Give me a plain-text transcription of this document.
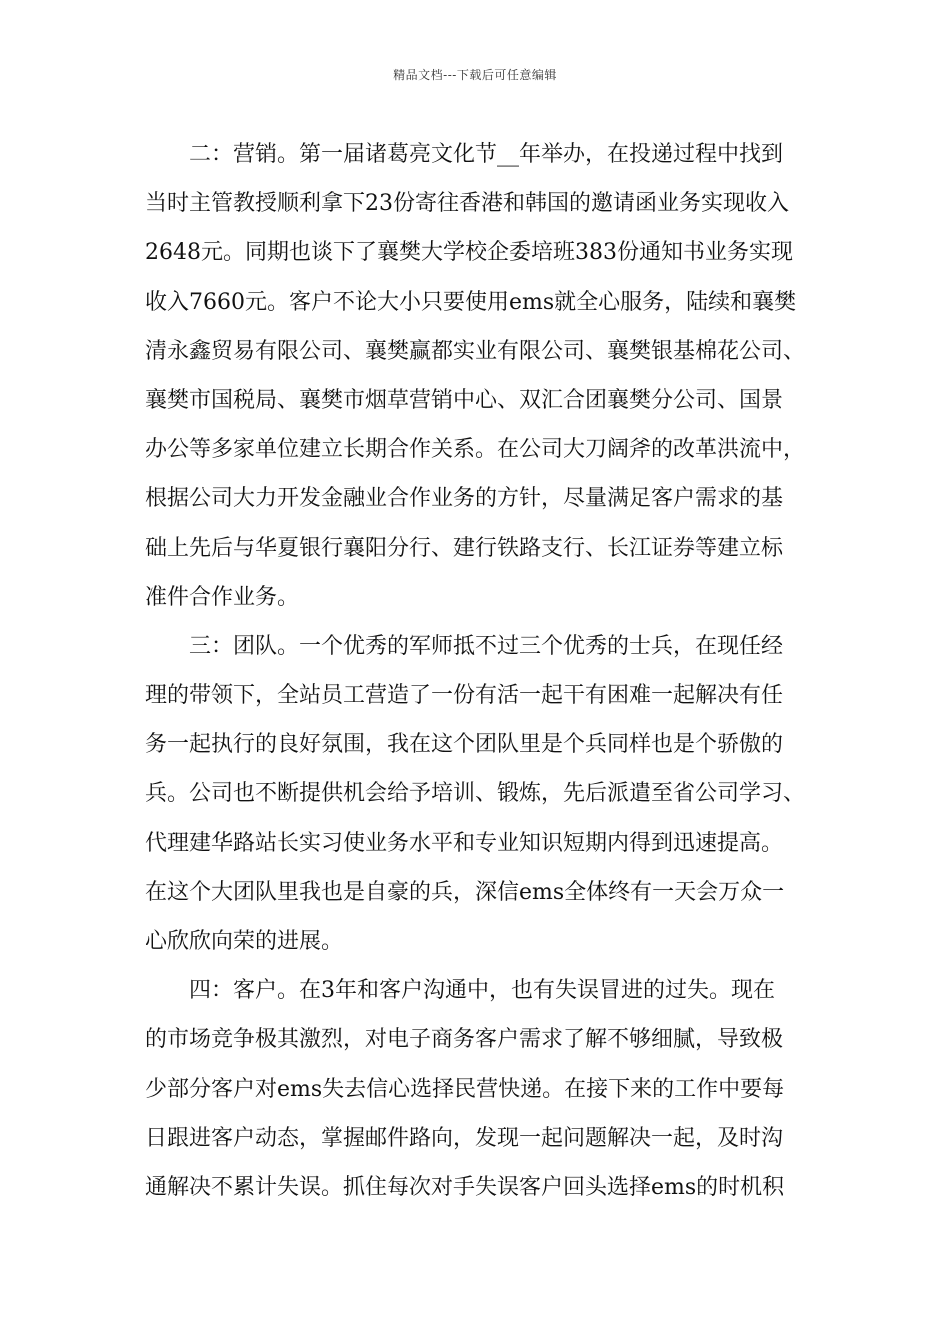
精品文档---下载后可任意编辑
二：营销。第一届诸葛亮文化节__年举办，在投递过程中找到
当时主管教授顺利拿下23份寄往香港和韩国的邀请函业务实现收入
2648元。同期也谈下了襄樊大学校企委培班383份通知书业务实现
收入7660元。客户不论大小只要使用ems就全心服务，陆续和襄樊
清永鑫贸易有限公司、襄樊赢都实业有限公司、襄樊银基棉花公司、
襄樊市国税局、襄樊市烟草营销中心、双汇合团襄樊分公司、国景
办公等多家单位建立长期合作关系。在公司大刀阔斧的改革洪流中，
根据公司大力开发金融业合作业务的方针，尽量满足客户需求的基
础上先后与华夏银行襄阳分行、建行铁路支行、长江证券等建立标
准件合作业务。
三：团队。一个优秀的军师抵不过三个优秀的士兵，在现任经
理的带领下，全站员工营造了一份有活一起干有困难一起解决有任
务一起执行的良好氛围，我在这个团队里是个兵同样也是个骄傲的
兵。公司也不断提供机会给予培训、锻炼，先后派遣至省公司学习、
代理建华路站长实习使业务水平和专业知识短期内得到迅速提高。
在这个大团队里我也是自豪的兵，深信ems全体终有一天会万众一
心欣欣向荣的进展。
四：客户。在3年和客户沟通中，也有失误冒进的过失。现在
的市场竞争极其激烈，对电子商务客户需求了解不够细腻，导致极
少部分客户对ems失去信心选择民营快递。在接下来的工作中要每
日跟进客户动态，掌握邮件路向，发现一起问题解决一起，及时沟
通解决不累计失误。抓住每次对手失误客户回头选择ems的时机积
